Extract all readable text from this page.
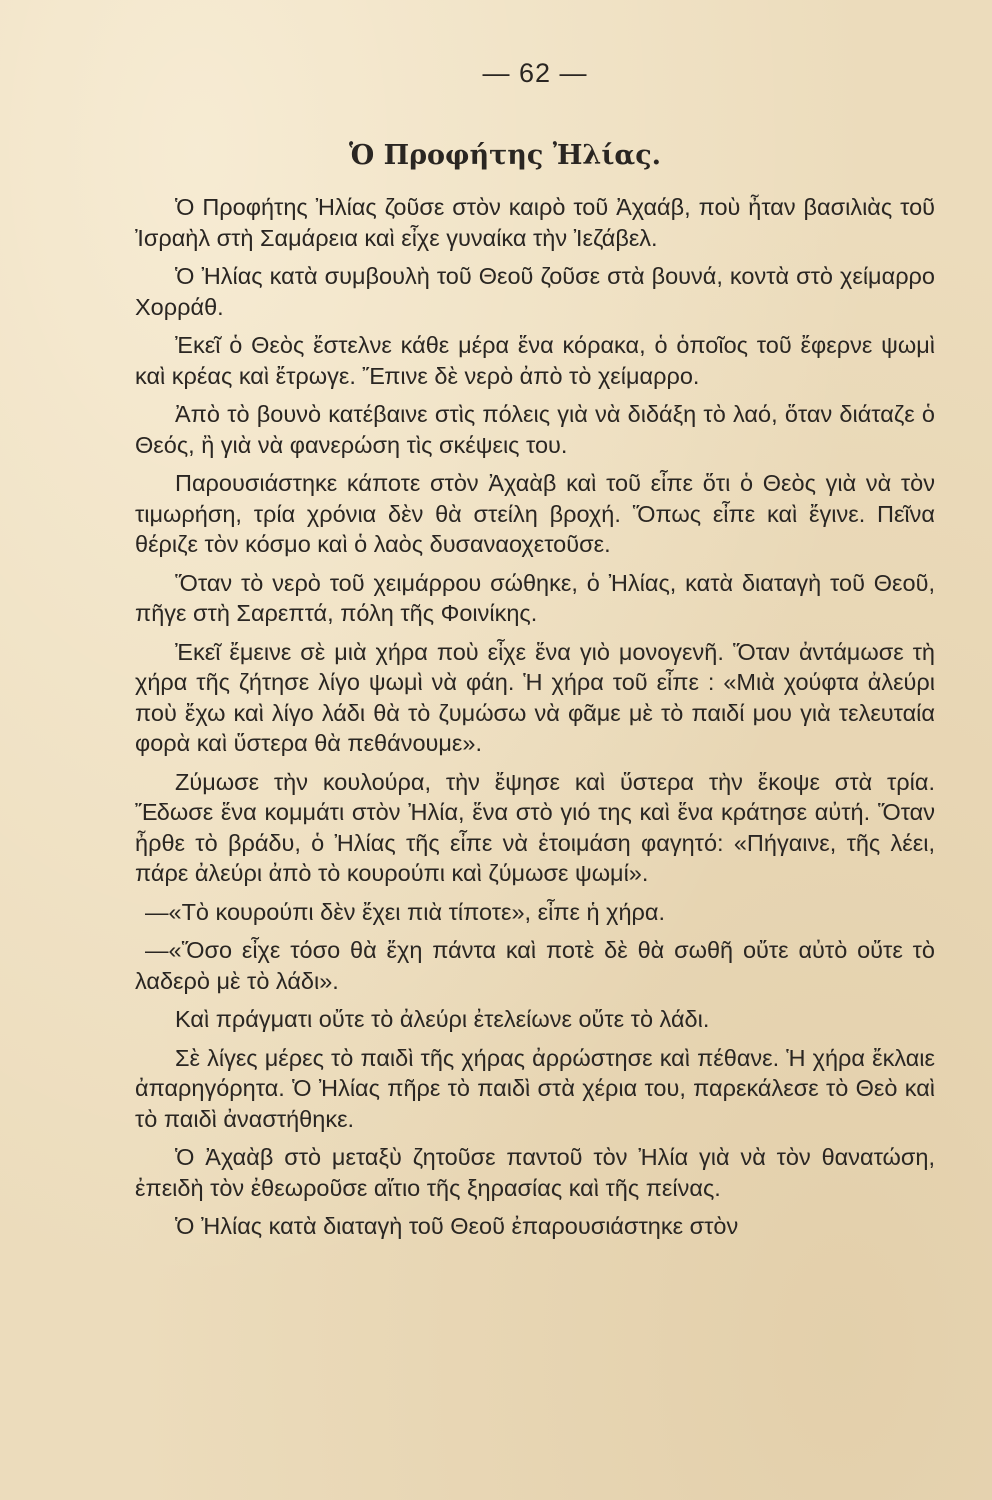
— 62 —
Ὁ Προφήτης Ἠλίας.

Ὁ Προφήτης Ἠλίας ζοῦσε στὸν καιρὸ τοῦ Ἀχαάβ, ποὺ ἦταν βασιλιὰς τοῦ Ἰσραὴλ στὴ Σαμάρεια καὶ εἶχε γυναίκα τὴν Ἰεζάβελ.

Ὁ Ἠλίας κατὰ συμβουλὴ τοῦ Θεοῦ ζοῦσε στὰ βουνά, κοντὰ στὸ χείμαρρο Χορράθ.

Ἐκεῖ ὁ Θεὸς ἔστελνε κάθε μέρα ἕνα κόρακα, ὁ ὁποῖος τοῦ ἔφερνε ψωμὶ καὶ κρέας καὶ ἔτρωγε. Ἔπινε δὲ νερὸ ἀπὸ τὸ χείμαρρο.

Ἀπὸ τὸ βουνὸ κατέβαινε στὶς πόλεις γιὰ νὰ διδάξη τὸ λαό, ὅταν διάταζε ὁ Θεός, ἢ γιὰ νὰ φανερώση τὶς σκέψεις του.

Παρουσιάστηκε κάποτε στὸν Ἀχαὰβ καὶ τοῦ εἶπε ὅτι ὁ Θεὸς γιὰ νὰ τὸν τιμωρήση, τρία χρόνια δὲν θὰ στείλη βροχή. Ὅπως εἶπε καὶ ἔγινε. Πεῖνα θέριζε τὸν κόσμο καὶ ὁ λαὸς δυσαναοχετοῦσε.

Ὅταν τὸ νερὸ τοῦ χειμάρρου σώθηκε, ὁ Ἠλίας, κατὰ διαταγὴ τοῦ Θεοῦ, πῆγε στὴ Σαρεπτά, πόλη τῆς Φοινίκης.

Ἐκεῖ ἔμεινε σὲ μιὰ χήρα ποὺ εἶχε ἕνα γιὸ μονογενῆ. Ὅταν ἀντάμωσε τὴ χήρα τῆς ζήτησε λίγο ψωμὶ νὰ φάη. Ἡ χήρα τοῦ εἶπε : «Μιὰ χούφτα ἀλεύρι ποὺ ἔχω καὶ λίγο λάδι θὰ τὸ ζυμώσω νὰ φᾶμε μὲ τὸ παιδί μου γιὰ τελευταία φορὰ καὶ ὕστερα θὰ πεθάνουμε».

Ζύμωσε τὴν κουλούρα, τὴν ἔψησε καὶ ὕστερα τὴν ἔκοψε στὰ τρία. Ἔδωσε ἕνα κομμάτι στὸν Ἠλία, ἕνα στὸ γιό της καὶ ἕνα κράτησε αὐτή. Ὅταν ἦρθε τὸ βράδυ, ὁ Ἠλίας τῆς εἶπε νὰ ἑτοιμάση φαγητό: «Πήγαινε, τῆς λέει, πάρε ἀλεύρι ἀπὸ τὸ κουρούπι καὶ ζύμωσε ψωμί».

—«Τὸ κουρούπι δὲν ἔχει πιὰ τίποτε», εἶπε ἡ χήρα.

—«Ὅσο εἶχε τόσο θὰ ἔχη πάντα καὶ ποτὲ δὲ θὰ σωθῆ οὔτε αὐτὸ οὔτε τὸ λαδερὸ μὲ τὸ λάδι».

Καὶ πράγματι οὔτε τὸ ἀλεύρι ἐτελείωνε οὔτε τὸ λάδι.

Σὲ λίγες μέρες τὸ παιδὶ τῆς χήρας ἀρρώστησε καὶ πέθανε. Ἡ χήρα ἔκλαιε ἀπαρηγόρητα. Ὁ Ἠλίας πῆρε τὸ παιδὶ στὰ χέρια του, παρεκάλεσε τὸ Θεὸ καὶ τὸ παιδὶ ἀναστήθηκε.

Ὁ Ἀχαὰβ στὸ μεταξὺ ζητοῦσε παντοῦ τὸν Ἠλία γιὰ νὰ τὸν θανατώση, ἐπειδὴ τὸν ἐθεωροῦσε αἴτιο τῆς ξηρασίας καὶ τῆς πείνας.

Ὁ Ἠλίας κατὰ διαταγὴ τοῦ Θεοῦ ἐπαρουσιάστηκε στὸν
